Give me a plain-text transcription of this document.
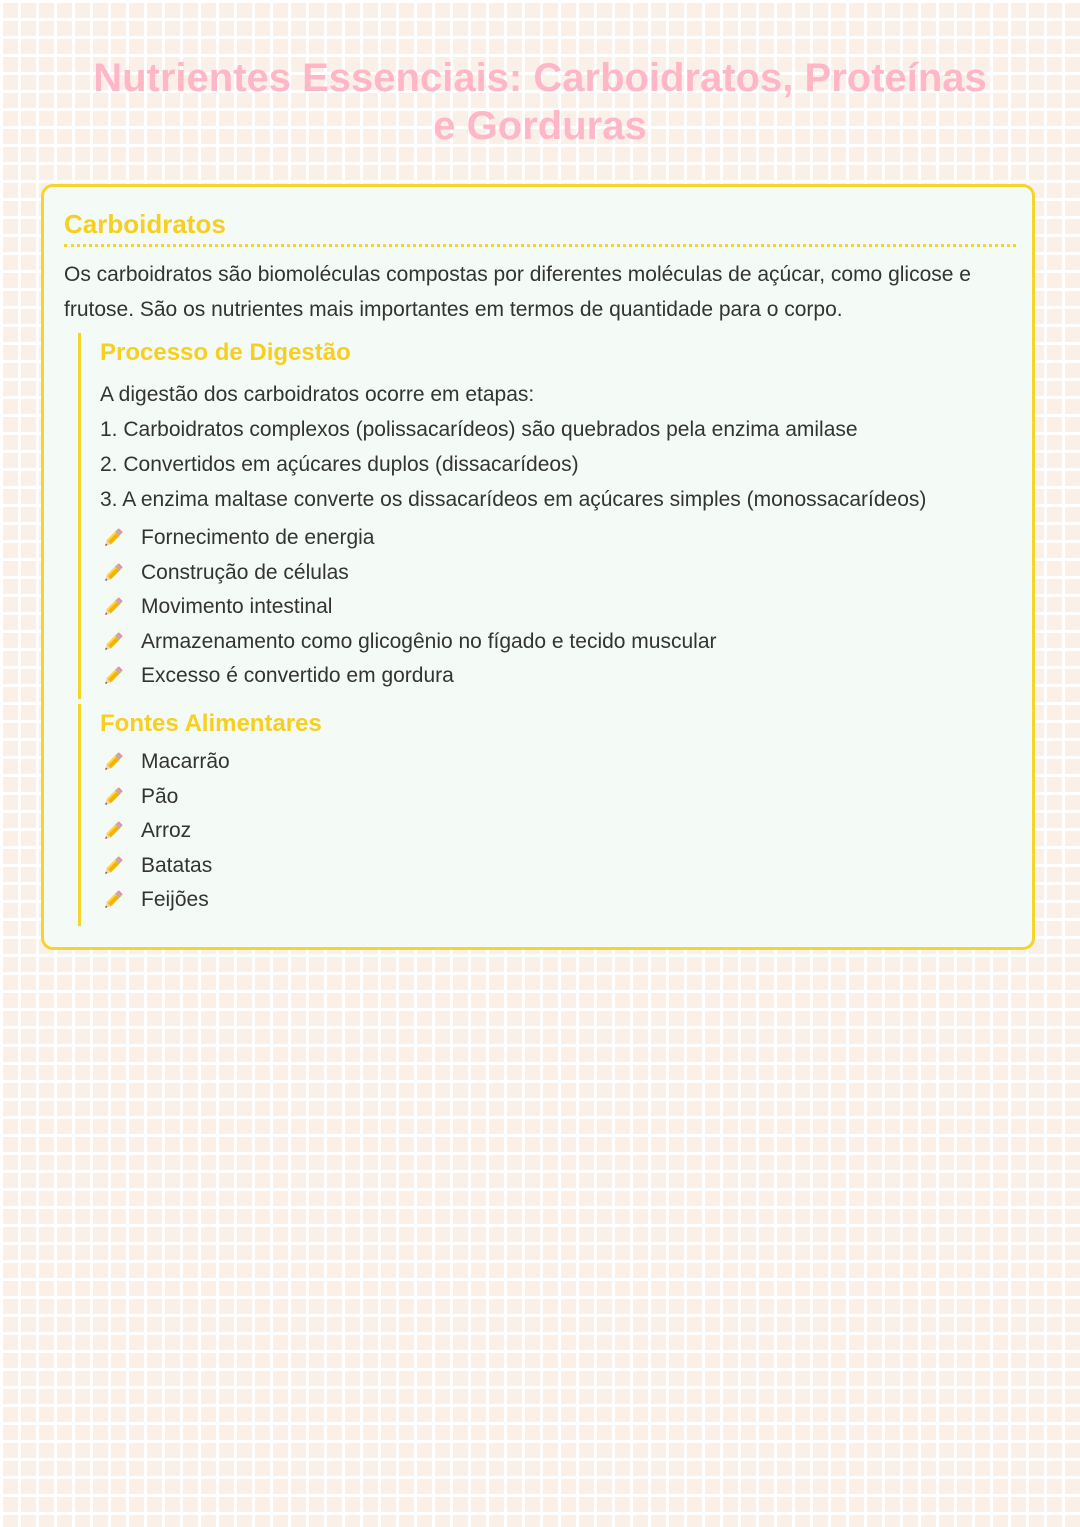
Nutrientes Essenciais: Carboidratos, Proteínas e Gorduras
Carboidratos

Os carboidratos são biomoléculas compostas por diferentes moléculas de açúcar, como glicose e frutose. São os nutrientes mais importantes em termos de quantidade para o corpo.

Processo de Digestão

A digestão dos carboidratos ocorre em etapas:

1. Carboidratos complexos (polissacarídeos) são quebrados pela enzima amilase

2. Convertidos em açúcares duplos (dissacarídeos)

3. A enzima maltase converte os dissacarídeos em açúcares simples (monossacarídeos)

Fornecimento de energia
Construção de células
Movimento intestinal
Armazenamento como glicogênio no fígado e tecido muscular
Excesso é convertido em gordura
Fontes Alimentares
Macarrão
Pão
Arroz
Batatas
Feijões
